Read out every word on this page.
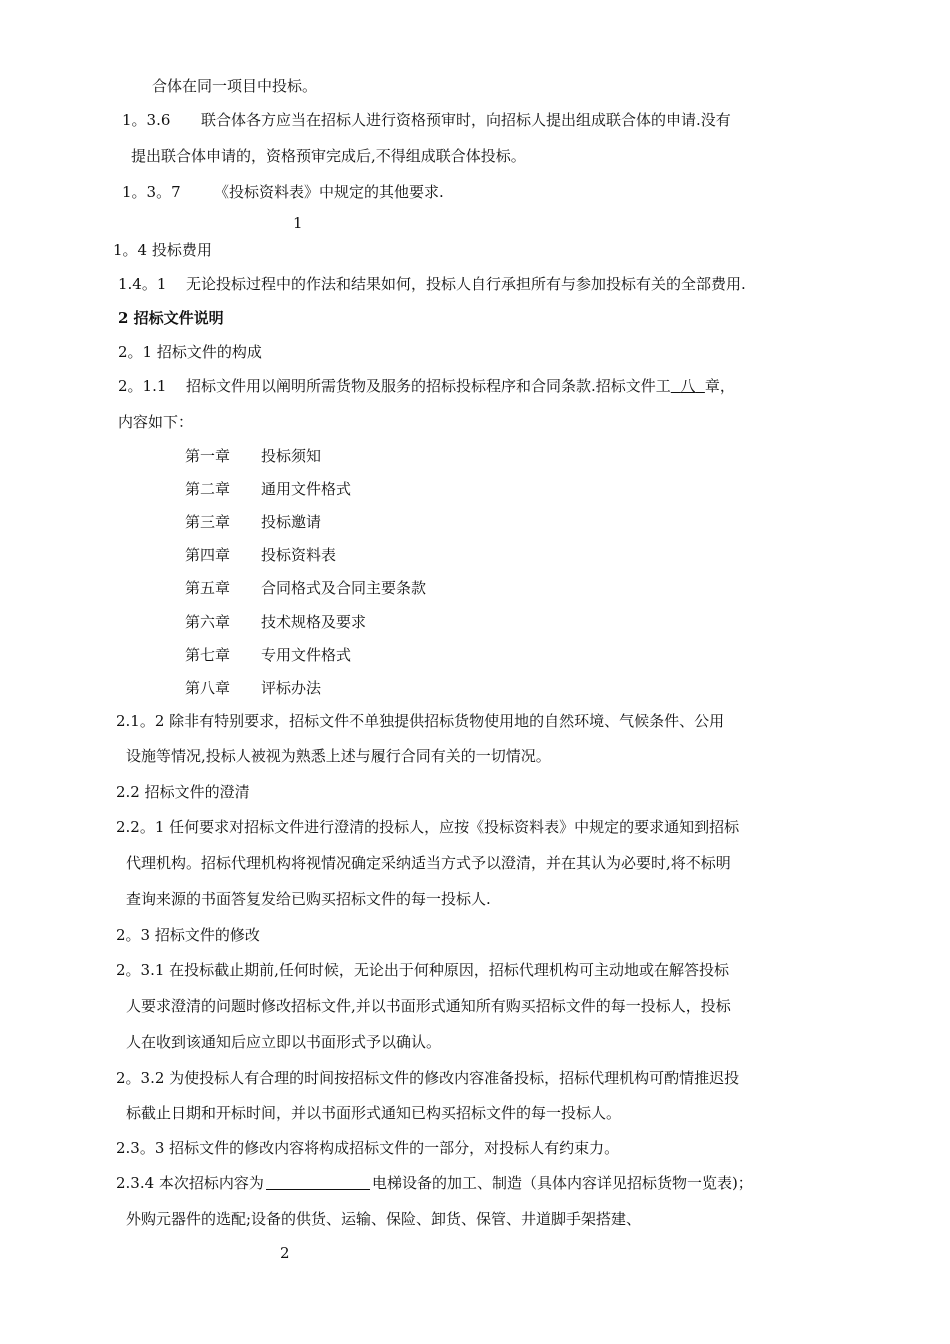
合体在同一项目中投标。
1。3.6 联合体各方应当在招标人进行资格预审时，向招标人提出组成联合体的申请.没有
提出联合体申请的，资格预审完成后,不得组成联合体投标。
1。3。7 《投标资料表》中规定的其他要求.
1
1。4 投标费用
1.4。1 无论投标过程中的作法和结果如何，投标人自行承担所有与参加投标有关的全部费用.
2 招标文件说明
2。1 招标文件的构成
2。1.1 招标文件用以阐明所需货物及服务的招标投标程序和合同条款.招标文件工 八 章，
内容如下：
第一章 投标须知
第二章 通用文件格式
第三章 投标邀请
第四章 投标资料表
第五章 合同格式及合同主要条款
第六章 技术规格及要求
第七章 专用文件格式
第八章 评标办法
2.1。2 除非有特别要求，招标文件不单独提供招标货物使用地的自然环境、气候条件、公用
设施等情况,投标人被视为熟悉上述与履行合同有关的一切情况。
2.2 招标文件的澄清
2.2。1 任何要求对招标文件进行澄清的投标人，应按《投标资料表》中规定的要求通知到招标
代理机构。招标代理机构将视情况确定采纳适当方式予以澄清，并在其认为必要时,将不标明
查询来源的书面答复发给已购买招标文件的每一投标人.
2。3 招标文件的修改
2。3.1 在投标截止期前,任何时候，无论出于何种原因，招标代理机构可主动地或在解答投标
人要求澄清的问题时修改招标文件,并以书面形式通知所有购买招标文件的每一投标人，投标
人在收到该通知后应立即以书面形式予以确认。
2。3.2 为使投标人有合理的时间按招标文件的修改内容准备投标，招标代理机构可酌情推迟投
标截止日期和开标时间，并以书面形式通知已构买招标文件的每一投标人。
2.3。3 招标文件的修改内容将构成招标文件的一部分，对投标人有约束力。
2.3.4 本次招标内容为	电梯设备的加工、制造（具体内容详见招标货物一览表)；
外购元器件的选配;设备的供货、运输、保险、卸货、保管、井道脚手架搭建、
2
